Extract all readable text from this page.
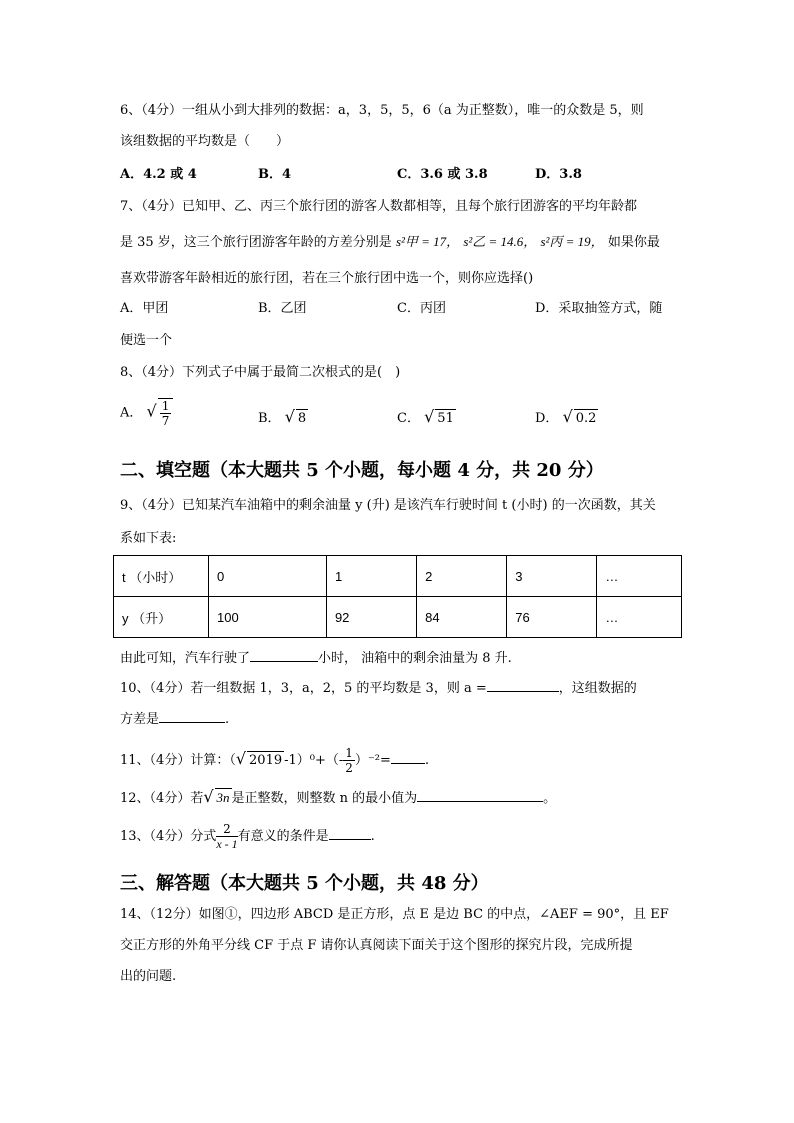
6、（4分）一组从小到大排列的数据：a，3，5，5，6（a 为正整数），唯一的众数是 5，则
该组数据的平均数是（　　）
A．4.2 或 4	B．4	C．3.6 或 3.8	D．3.8
7、（4分）已知甲、乙、丙三个旅行团的游客人数都相等，且每个旅行团游客的平均年龄都
是 35 岁，这三个旅行团游客年龄的方差分别是 s²甲 = 17， s²乙 = 14.6， s²丙 = 19， 如果你最
喜欢带游客年龄相近的旅行团，若在三个旅行团中选一个，则你应选择()
A．甲团	B．乙团	C．丙团	D．采取抽签方式，随
便选一个
8、（4分）下列式子中属于最简二次根式的是(　)
A． √ $\frac{1}{7}$	B． √ 8	C． √ 51	D． √ 0.2
二、填空题（本大题共 5 个小题，每小题 4 分，共 20 分）
9、（4分）已知某汽车油箱中的剩余油量 y (升) 是该汽车行驶时间 t (小时) 的一次函数，其关
系如下表:
t （小时）	0	1	2	3	…
y （升）	100	92	84	76	…
由此可知，汽车行驶了	小时， 油箱中的剩余油量为 8 升.
10、（4分）若一组数据 1，3，a，2，5 的平均数是 3，则 a =	，这组数据的
方差是	.
11、（4分）计算：（√ 2019 $-1)^0+(- \frac{1}{2} )^{-2}=$	.
12、（4分）若√ 3n 是正整数，则整数 n 的最小值为	。
13、（4分）分式 $\frac{2}{x - 1}$ 有意义的条件是	.
三、解答题（本大题共 5 个小题，共 48 分）
14、（12分）如图①，四边形 ABCD 是正方形，点 E 是边 BC 的中点，∠AEF = 90°，且 EF
交正方形的外角平分线 CF 于点 F 请你认真阅读下面关于这个图形的探究片段，完成所提
出的问题.
